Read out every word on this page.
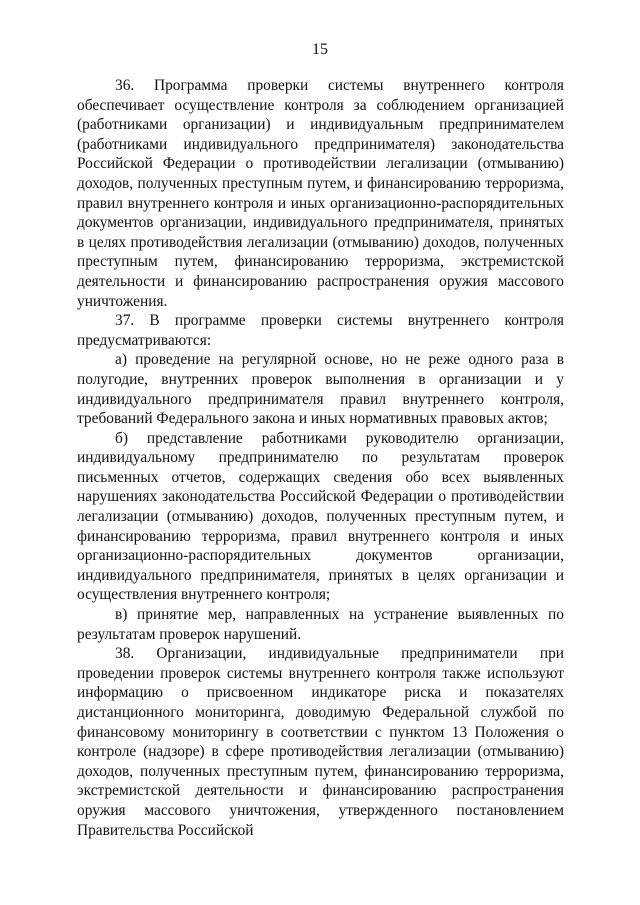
15

36. Программа проверки системы внутреннего контроля обеспечивает осуществление контроля за соблюдением организацией (работниками организации) и индивидуальным предпринимателем (работниками индивидуального предпринимателя) законодательства Российской Федерации о противодействии легализации (отмыванию) доходов, полученных преступным путем, и финансированию терроризма, правил внутреннего контроля и иных организационно-распорядительных документов организации, индивидуального предпринимателя, принятых в целях противодействия легализации (отмыванию) доходов, полученных преступным путем, финансированию терроризма, экстремистской деятельности и финансированию распространения оружия массового уничтожения.

37. В программе проверки системы внутреннего контроля предусматриваются:

а) проведение на регулярной основе, но не реже одного раза в полугодие, внутренних проверок выполнения в организации и у индивидуального предпринимателя правил внутреннего контроля, требований Федерального закона и иных нормативных правовых актов;

б) представление работниками руководителю организации, индивидуальному предпринимателю по результатам проверок письменных отчетов, содержащих сведения обо всех выявленных нарушениях законодательства Российской Федерации о противодействии легализации (отмыванию) доходов, полученных преступным путем, и финансированию терроризма, правил внутреннего контроля и иных организационно-распорядительных документов организации, индивидуального предпринимателя, принятых в целях организации и осуществления внутреннего контроля;

в) принятие мер, направленных на устранение выявленных по результатам проверок нарушений.

38. Организации, индивидуальные предприниматели при проведении проверок системы внутреннего контроля также используют информацию о присвоенном индикаторе риска и показателях дистанционного мониторинга, доводимую Федеральной службой по финансовому мониторингу в соответствии с пунктом 13 Положения о контроле (надзоре) в сфере противодействия легализации (отмыванию) доходов, полученных преступным путем, финансированию терроризма, экстремистской деятельности и финансированию распространения оружия массового уничтожения, утвержденного постановлением Правительства Российской
